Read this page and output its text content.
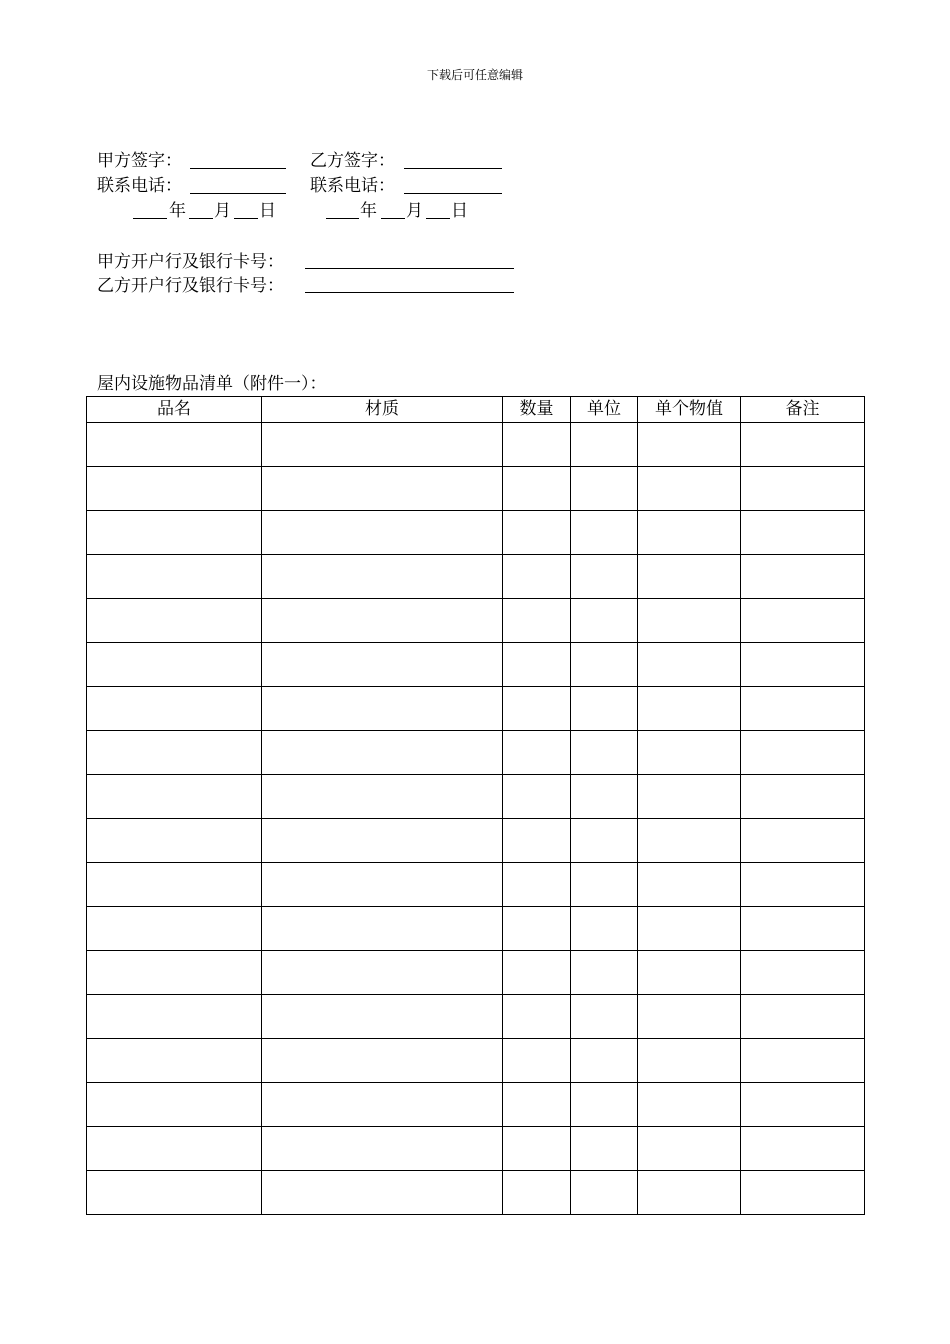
下载后可任意编辑
甲方签字：	乙方签字：
联系电话：	联系电话：
年 月 日	年 月 日
甲方开户行及银行卡号：
乙方开户行及银行卡号：
屋内设施物品清单（附件一）：
品名	材质	数量	单位	单个物值	备注
